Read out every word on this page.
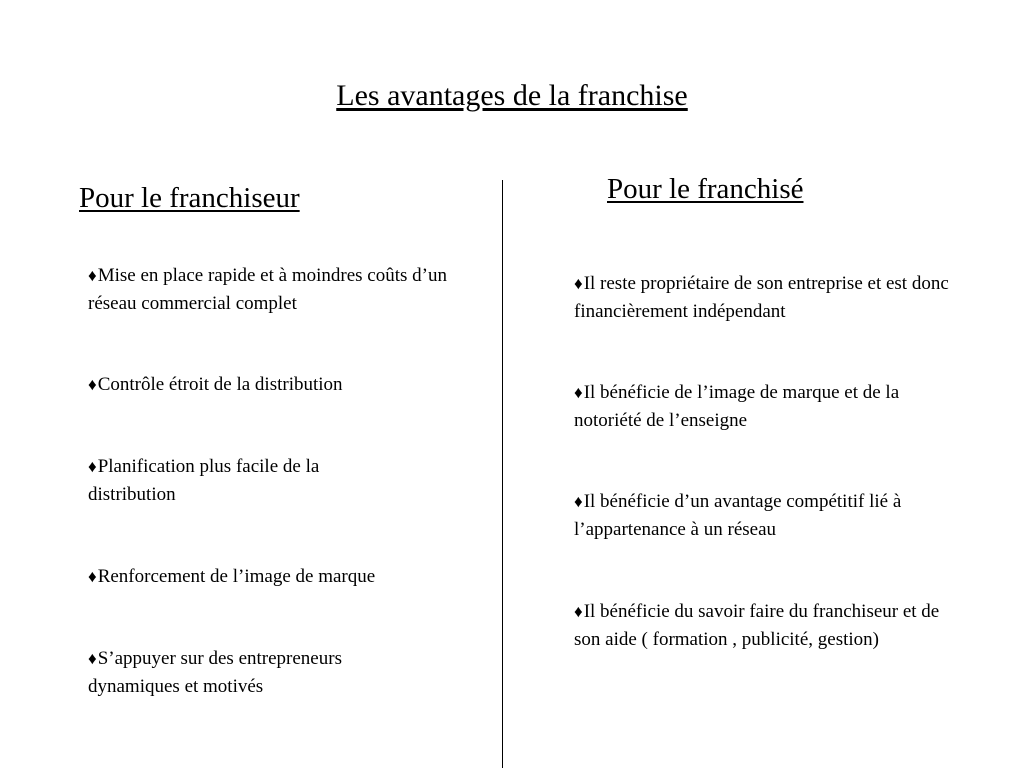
Les avantages de la franchise
Pour le franchiseur	Pour le franchisé
♦Mise en place rapide et à moindres coûts d’un réseau commercial complet
♦Contrôle étroit de la distribution
♦Planification plus facile de la distribution
♦Renforcement de l’image de marque
♦S’appuyer sur des entrepreneurs dynamiques et motivés
♦Il reste propriétaire de son entreprise et est donc financièrement indépendant
♦Il bénéficie de l’image de marque et de la notoriété de l’enseigne
♦Il bénéficie d’un avantage compétitif lié à l’appartenance à un réseau
♦Il bénéficie du savoir faire du franchiseur et de son aide ( formation , publicité, gestion)
